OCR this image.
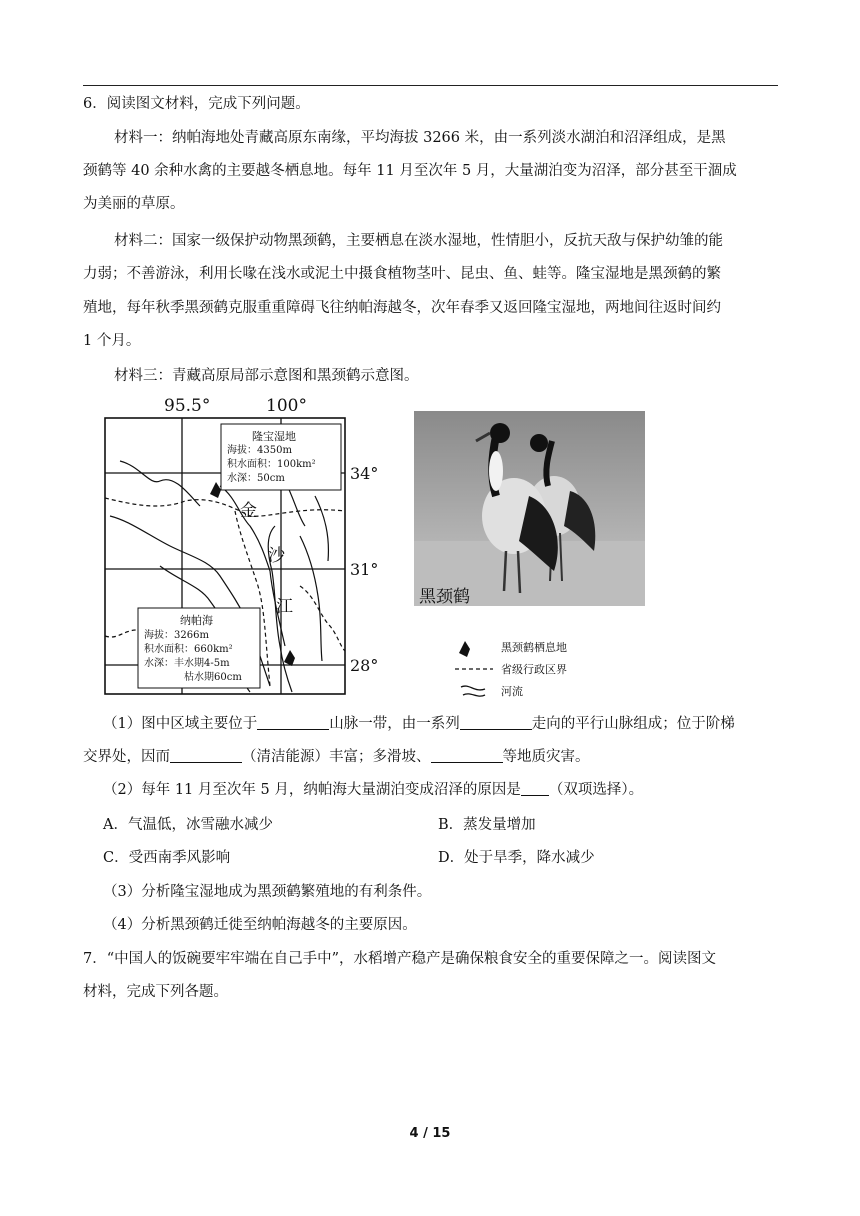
6．阅读图文材料，完成下列问题。
材料一：纳帕海地处青藏高原东南缘，平均海拔 3266 米，由一系列淡水湖泊和沼泽组成，是黑
颈鹤等 40 余种水禽的主要越冬栖息地。每年 11 月至次年 5 月，大量湖泊变为沼泽，部分甚至干涸成
为美丽的草原。
材料二：国家一级保护动物黑颈鹤，主要栖息在淡水湿地，性情胆小，反抗天敌与保护幼雏的能
力弱；不善游泳，利用长喙在浅水或泥土中摄食植物茎叶、昆虫、鱼、蛙等。隆宝湿地是黑颈鹤的繁
殖地，每年秋季黑颈鹤克服重重障碍飞往纳帕海越冬，次年春季又返回隆宝湿地，两地间往返时间约
1 个月。
材料三：青藏高原局部示意图和黑颈鹤示意图。
95.5°	100°
34°
31°
28°
金
沙
江
隆宝湿地
海拔：4350m
积水面积：100km²
水深：50cm
纳帕海
海拔：3266m
积水面积：660km²
水深：丰水期4-5m
枯水期60cm
黑颈鹤
黑颈鹤栖息地
省级行政区界
河流
（1）图中区域主要位于	山脉一带，由一系列	走向的平行山脉组成；位于阶梯
交界处，因而	（清洁能源）丰富；多滑坡、	等地质灾害。
（2）每年 11 月至次年 5 月，纳帕海大量湖泊变成沼泽的原因是 （双项选择）。
A．气温低，冰雪融水减少	B．蒸发量增加
C．受西南季风影响	D．处于旱季，降水减少
（3）分析隆宝湿地成为黑颈鹤繁殖地的有利条件。
（4）分析黑颈鹤迁徙至纳帕海越冬的主要原因。
7．“中国人的饭碗要牢牢端在自己手中”，水稻增产稳产是确保粮食安全的重要保障之一。阅读图文
材料，完成下列各题。
4 / 15
